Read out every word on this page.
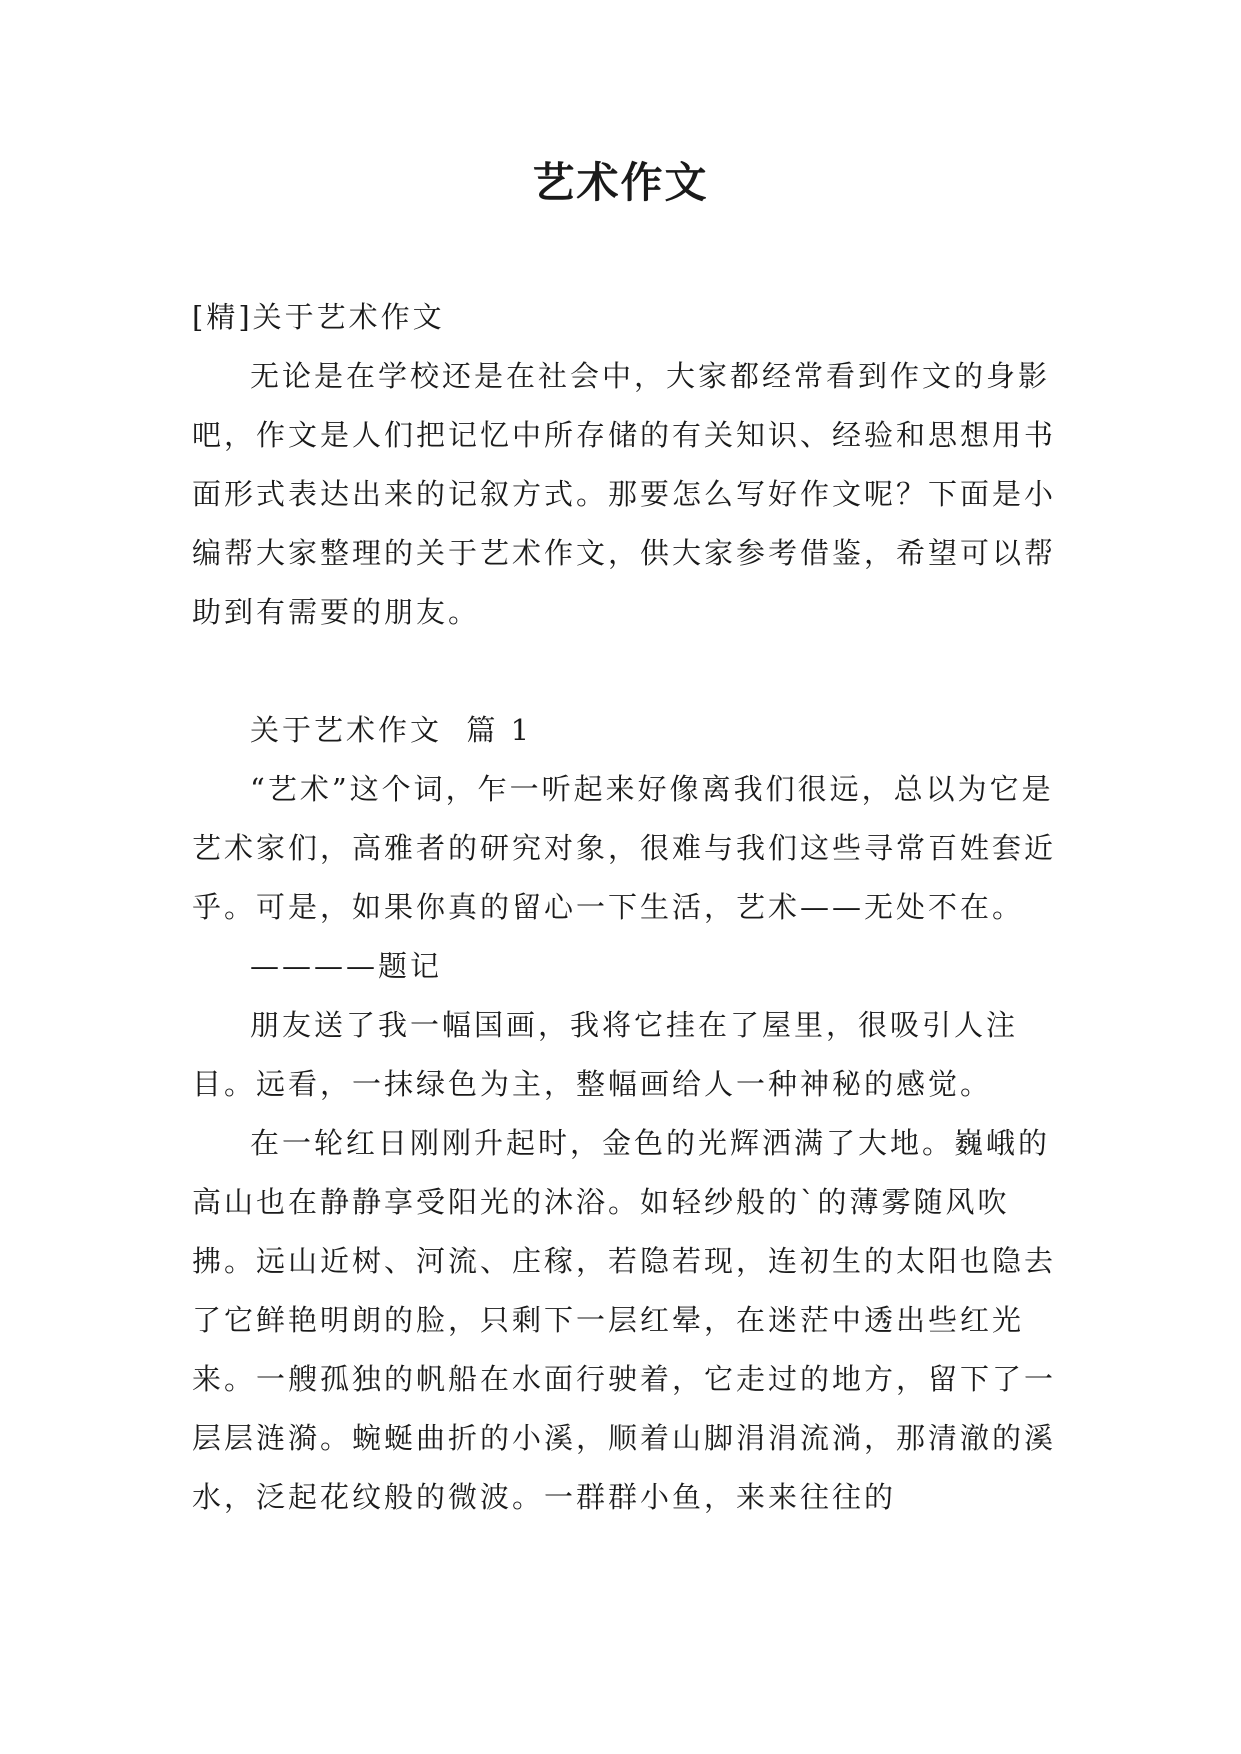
艺术作文

[精]关于艺术作文

无论是在学校还是在社会中，大家都经常看到作文的身影吧，作文是人们把记忆中所存储的有关知识、经验和思想用书面形式表达出来的记叙方式。那要怎么写好作文呢？下面是小编帮大家整理的关于艺术作文，供大家参考借鉴，希望可以帮助到有需要的朋友。

关于艺术作文  篇 1

“艺术”这个词，乍一听起来好像离我们很远，总以为它是艺术家们，高雅者的研究对象，很难与我们这些寻常百姓套近乎。可是，如果你真的留心一下生活，艺术——无处不在。

————题记

朋友送了我一幅国画，我将它挂在了屋里，很吸引人注目。远看，一抹绿色为主，整幅画给人一种神秘的感觉。

在一轮红日刚刚升起时，金色的光辉洒满了大地。巍峨的高山也在静静享受阳光的沐浴。如轻纱般的`的薄雾随风吹拂。远山近树、河流、庄稼，若隐若现，连初生的太阳也隐去了它鲜艳明朗的脸，只剩下一层红晕，在迷茫中透出些红光来。一艘孤独的帆船在水面行驶着，它走过的地方，留下了一层层涟漪。蜿蜒曲折的小溪，顺着山脚涓涓流淌，那清澈的溪水，泛起花纹般的微波。一群群小鱼，来来往往的
